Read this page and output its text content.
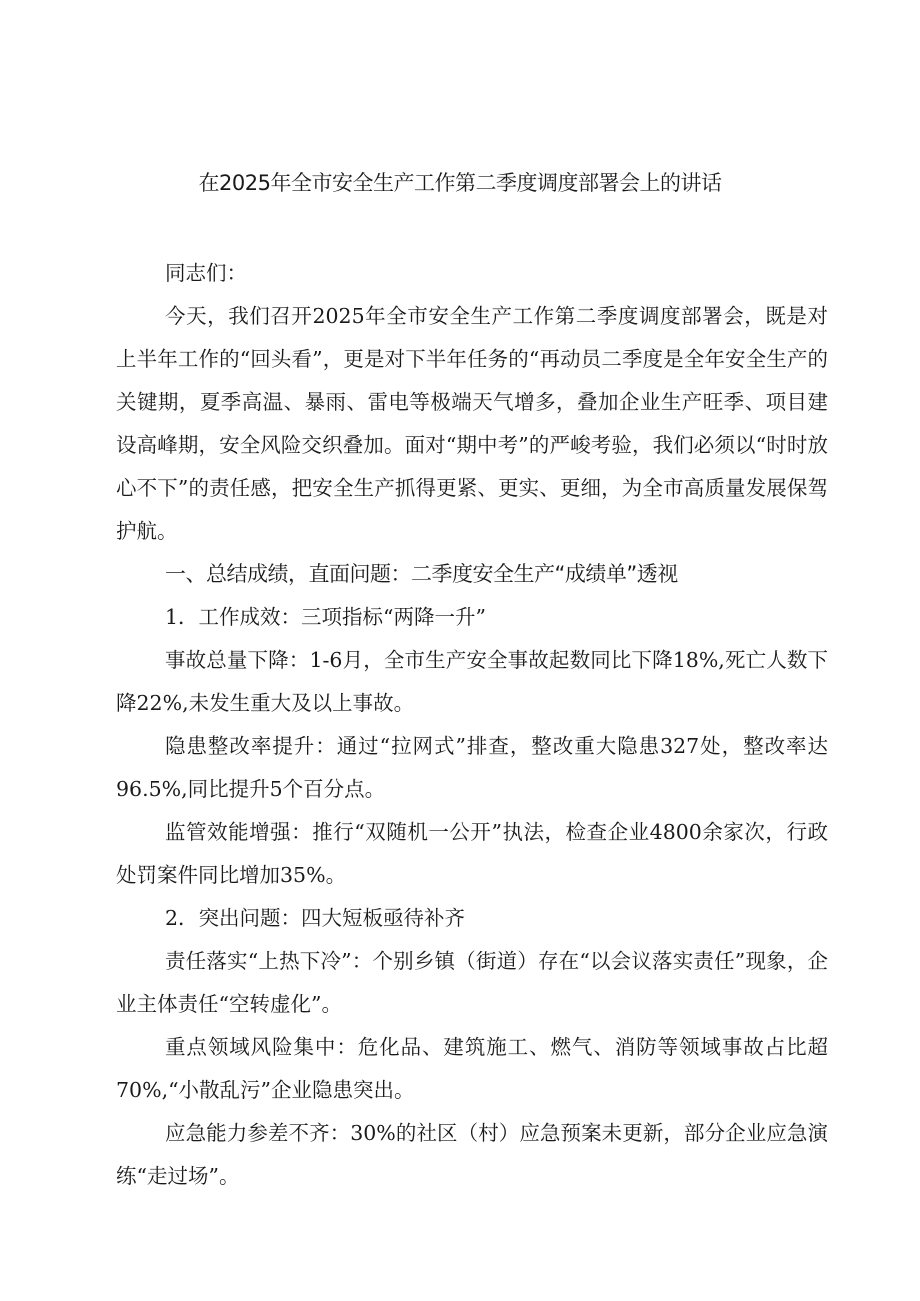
在2025年全市安全生产工作第二季度调度部署会上的讲话

同志们：

今天，我们召开2025年全市安全生产工作第二季度调度部署会，既是对上半年工作的“回头看”，更是对下半年任务的“再动员二季度是全年安全生产的关键期，夏季高温、暴雨、雷电等极端天气增多，叠加企业生产旺季、项目建设高峰期，安全风险交织叠加。面对“期中考”的严峻考验，我们必须以“时时放心不下”的责任感，把安全生产抓得更紧、更实、更细，为全市高质量发展保驾护航。

一、总结成绩，直面问题：二季度安全生产“成绩单”透视

1．工作成效：三项指标“两降一升”

事故总量下降：1-6月，全市生产安全事故起数同比下降18%,死亡人数下降22%,未发生重大及以上事故。

隐患整改率提升：通过“拉网式”排查，整改重大隐患327处，整改率达96.5%,同比提升5个百分点。

监管效能增强：推行“双随机一公开”执法，检查企业4800余家次，行政处罚案件同比增加35%。

2．突出问题：四大短板亟待补齐

责任落实“上热下冷”：个别乡镇（街道）存在“以会议落实责任”现象，企业主体责任“空转虚化”。

重点领域风险集中：危化品、建筑施工、燃气、消防等领域事故占比超70%,“小散乱污”企业隐患突出。

应急能力参差不齐：30%的社区（村）应急预案未更新，部分企业应急演练“走过场”。
